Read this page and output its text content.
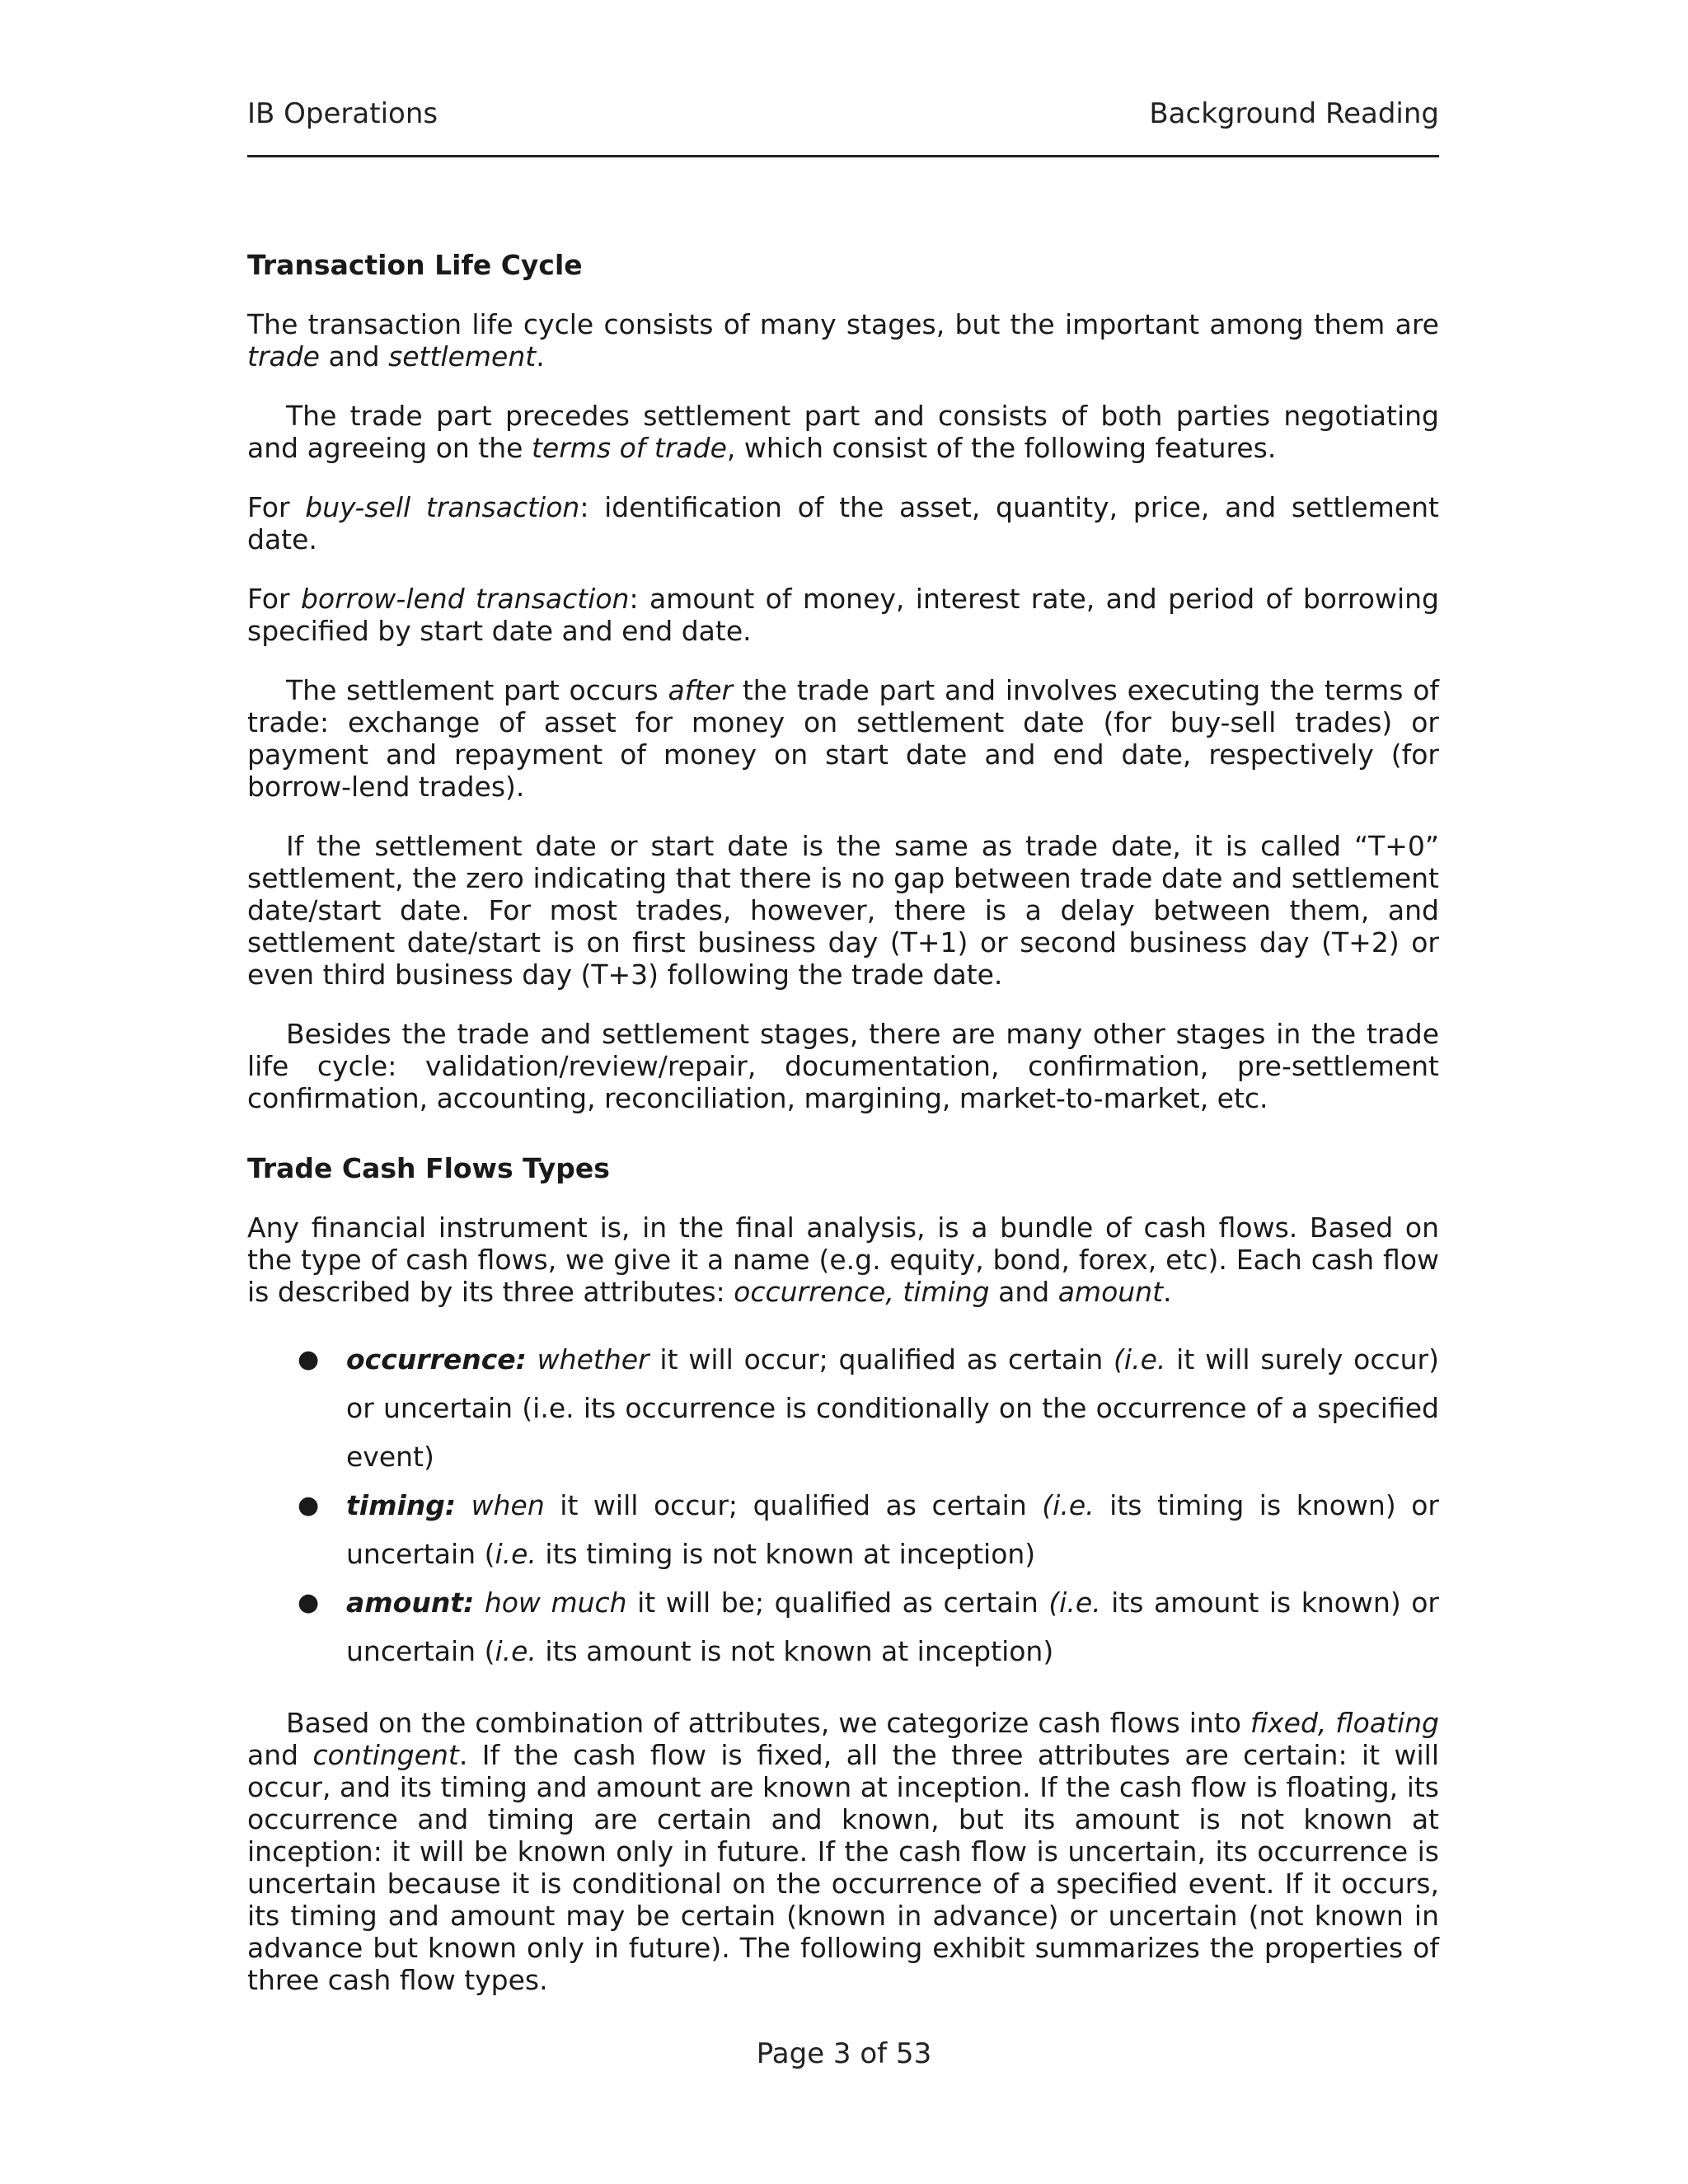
IB Operations	Background Reading
Transaction Life Cycle

The transaction life cycle consists of many stages, but the important among them are trade and settlement.

The trade part precedes settlement part and consists of both parties negotiating and agreeing on the terms of trade, which consist of the following features.

For buy-sell transaction: identification of the asset, quantity, price, and settlement date.

For borrow-lend transaction: amount of money, interest rate, and period of borrowing specified by start date and end date.

The settlement part occurs after the trade part and involves executing the terms of trade: exchange of asset for money on settlement date (for buy-sell trades) or payment and repayment of money on start date and end date, respectively (for borrow-lend trades).

If the settlement date or start date is the same as trade date, it is called “T+0” settlement, the zero indicating that there is no gap between trade date and settlement date/start date. For most trades, however, there is a delay between them, and settlement date/start is on first business day (T+1) or second business day (T+2) or even third business day (T+3) following the trade date.

Besides the trade and settlement stages, there are many other stages in the trade life cycle: validation/review/repair, documentation, confirmation, pre-settlement confirmation, accounting, reconciliation, margining, market-to-market, etc.

Trade Cash Flows Types

Any financial instrument is, in the final analysis, is a bundle of cash flows. Based on the type of cash flows, we give it a name (e.g. equity, bond, forex, etc). Each cash flow is described by its three attributes: occurrence, timing and amount.

● occurrence: whether it will occur; qualified as certain (i.e. it will surely occur) or uncertain (i.e. its occurrence is conditionally on the occurrence of a specified event)
● timing: when it will occur; qualified as certain (i.e. its timing is known) or uncertain (i.e. its timing is not known at inception)
● amount: how much it will be; qualified as certain (i.e. its amount is known) or uncertain (i.e. its amount is not known at inception)

Based on the combination of attributes, we categorize cash flows into fixed, floating and contingent. If the cash flow is fixed, all the three attributes are certain: it will occur, and its timing and amount are known at inception. If the cash flow is floating, its occurrence and timing are certain and known, but its amount is not known at inception: it will be known only in future. If the cash flow is uncertain, its occurrence is uncertain because it is conditional on the occurrence of a specified event. If it occurs, its timing and amount may be certain (known in advance) or uncertain (not known in advance but known only in future). The following exhibit summarizes the properties of three cash flow types.

Page 3 of 53
